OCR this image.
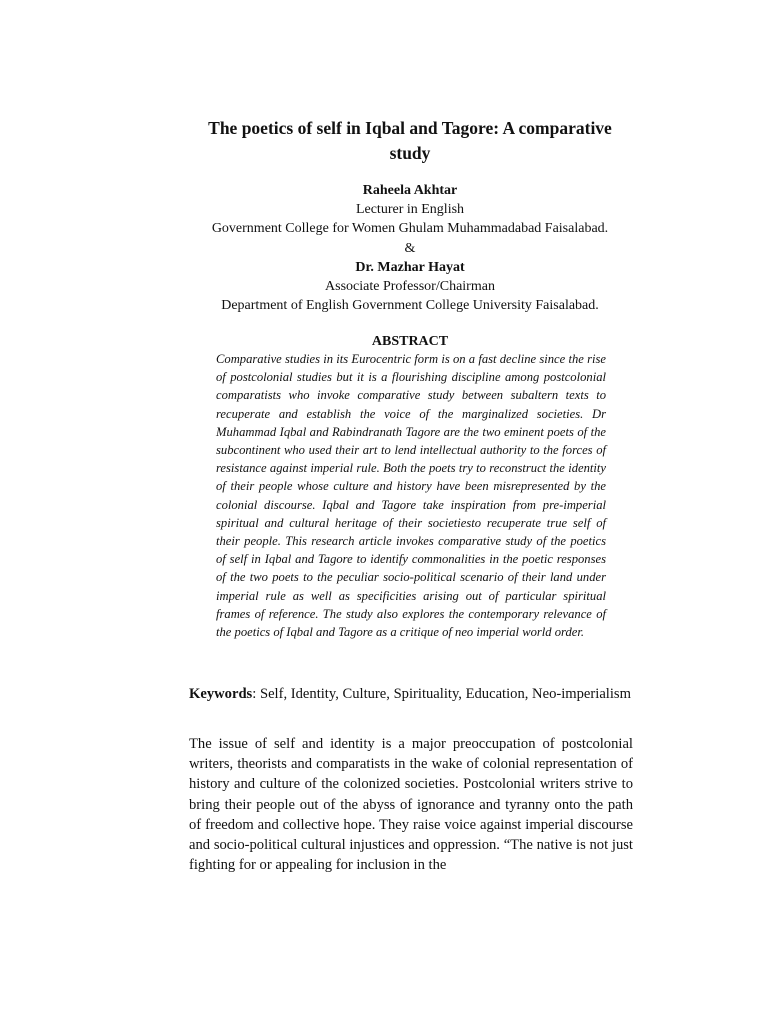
The poetics of self in Iqbal and Tagore: A comparative study
Raheela Akhtar
Lecturer in English
Government College for Women Ghulam Muhammadabad Faisalabad.
&
Dr. Mazhar Hayat
Associate Professor/Chairman
Department of English Government College University Faisalabad.
ABSTRACT

Comparative studies in its Eurocentric form is on a fast decline since the rise of postcolonial studies but it is a flourishing discipline among postcolonial comparatists who invoke comparative study between subaltern texts to recuperate and establish the voice of the marginalized societies. Dr Muhammad Iqbal and Rabindranath Tagore are the two eminent poets of the subcontinent who used their art to lend intellectual authority to the forces of resistance against imperial rule. Both the poets try to reconstruct the identity of their people whose culture and history have been misrepresented by the colonial discourse. Iqbal and Tagore take inspiration from pre-imperial spiritual and cultural heritage of their societiesto recuperate true self of their people. This research article invokes comparative study of the poetics of self in Iqbal and Tagore to identify commonalities in the poetic responses of the two poets to the peculiar socio-political scenario of their land under imperial rule as well as specificities arising out of particular spiritual frames of reference. The study also explores the contemporary relevance of the poetics of Iqbal and Tagore as a critique of neo imperial world order.

Keywords: Self, Identity, Culture, Spirituality, Education, Neo-imperialism

The issue of self and identity is a major preoccupation of postcolonial writers, theorists and comparatists in the wake of colonial representation of history and culture of the colonized societies. Postcolonial writers strive to bring their people out of the abyss of ignorance and tyranny onto the path of freedom and collective hope. They raise voice against imperial discourse and socio-political cultural injustices and oppression. “The native is not just fighting for or appealing for inclusion in the
